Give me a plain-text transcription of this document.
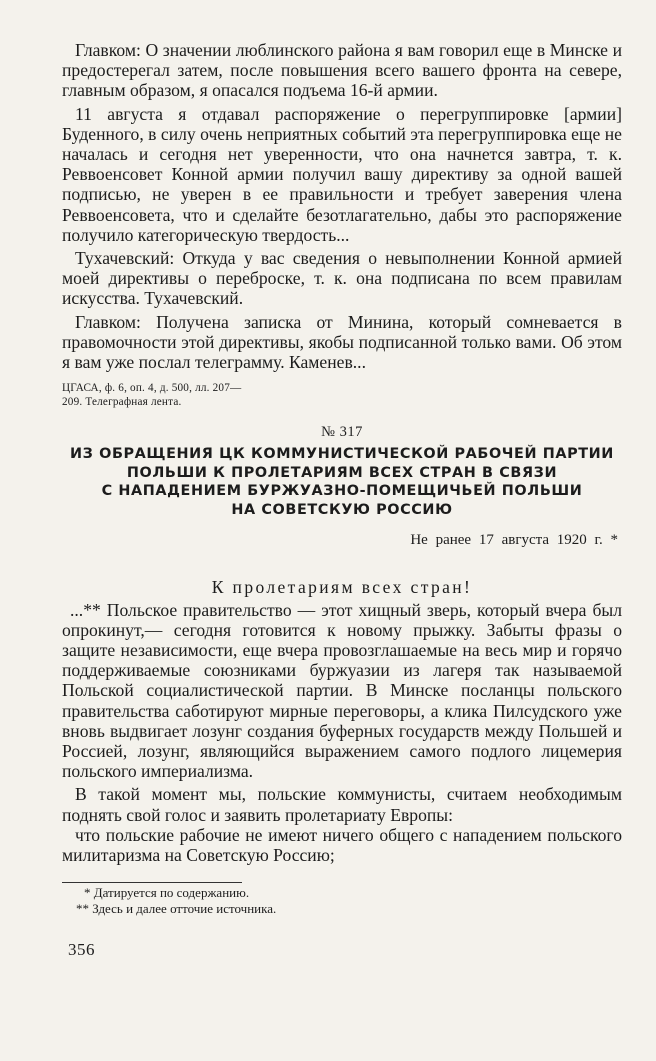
Главком: О значении люблинского района я вам говорил еще в Минске и предостерегал затем, после повышения всего вашего фронта на севере, главным образом, я опасался подъема 16-й армии.

11 августа я отдавал распоряжение о перегруппировке [армии] Буденного, в силу очень неприятных событий эта перегруппировка еще не началась и сегодня нет уверенности, что она начнется завтра, т. к. Реввоенсовет Конной армии получил вашу директиву за одной вашей подписью, не уверен в ее правильности и требует заверения члена Реввоенсовета, что и сделайте безотлагательно, дабы это распоряжение получило категорическую твердость...

Тухачевский: Откуда у вас сведения о невыполнении Конной армией моей директивы о переброске, т. к. она подписана по всем правилам искусства. Тухачевский.

Главком: Получена записка от Минина, который сомневается в правомочности этой директивы, якобы подписанной только вами. Об этом я вам уже послал телеграмму. Каменев...

ЦГАСА, ф. 6, оп. 4, д. 500, лл. 207—
209. Телеграфная лента.

№ 317

ИЗ ОБРАЩЕНИЯ ЦК КОММУНИСТИЧЕСКОЙ РАБОЧЕЙ ПАРТИИ
ПОЛЬШИ К ПРОЛЕТАРИЯМ ВСЕХ СТРАН В СВЯЗИ
С НАПАДЕНИЕМ БУРЖУАЗНО-ПОМЕЩИЧЬЕЙ ПОЛЬШИ
НА СОВЕТСКУЮ РОССИЮ

Не ранее 17 августа 1920 г. *

К пролетариям всех стран!

...** Польское правительство — этот хищный зверь, который вчера был опрокинут,— сегодня готовится к новому прыжку. Забыты фразы о защите независимости, еще вчера провозглашаемые на весь мир и горячо поддерживаемые союзниками буржуазии из лагеря так называемой Польской социалистической партии. В Минске посланцы польского правительства саботируют мирные переговоры, а клика Пилсудского уже вновь выдвигает лозунг создания буферных государств между Польшей и Россией, лозунг, являющийся выражением самого подлого лицемерия польского империализма.

В такой момент мы, польские коммунисты, считаем необходимым поднять свой голос и заявить пролетариату Европы:

что польские рабочие не имеют ничего общего с нападением польского милитаризма на Советскую Россию;

* Датируется по содержанию.

** Здесь и далее отточие источника.

356
